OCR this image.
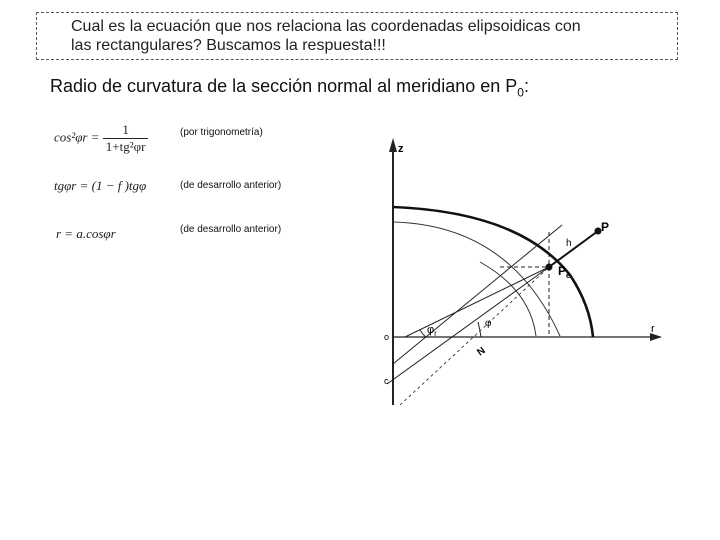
Cual es la ecuación que nos relaciona las coordenadas elipsoidicas con
las rectangulares? Buscamos la respuesta!!!
Radio de curvatura de la sección normal al meridiano en $P_0$:
$\cos^2\varphi r = \frac{1}{\text{1+tg²φr}}$	(por trigonometría)
tgφr = (1 − f )tgφ	(de desarrollo anterior)
r = a.cosφr	(de desarrollo anterior)
z
r
P
h
$P_e$
$\varphi_r$
φ
N
o
c
